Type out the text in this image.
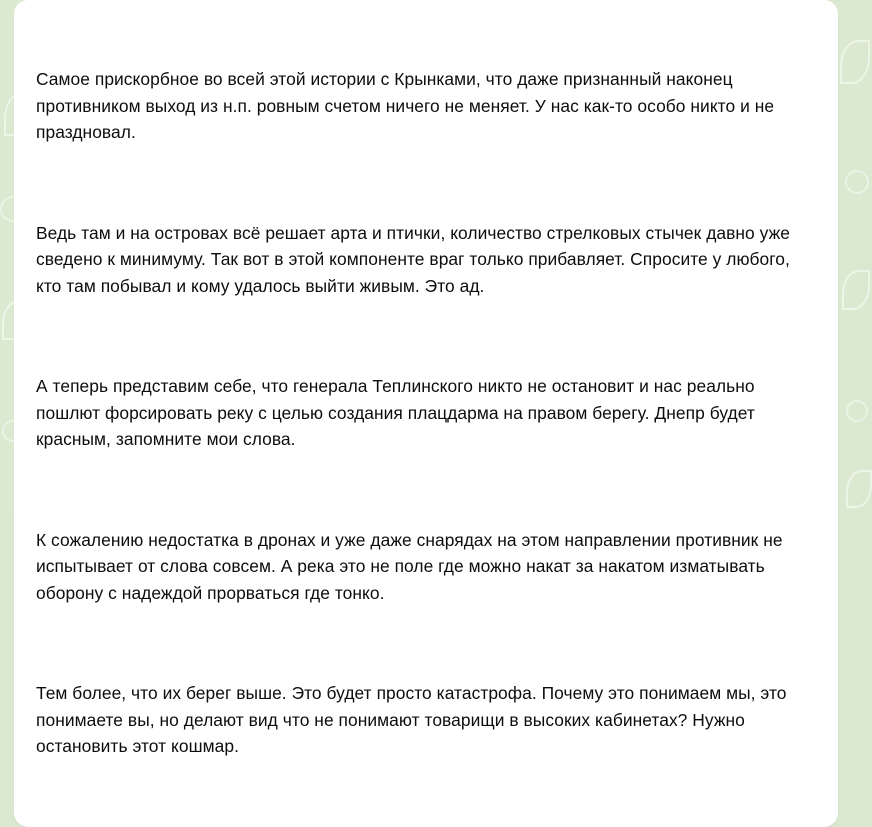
Самое прискорбное во всей этой истории с Крынками, что даже признанный наконец противником выход из н.п. ровным счетом ничего не меняет. У нас как-то особо никто и не праздновал.

Ведь там и на островах всё решает арта и птички, количество стрелковых стычек давно уже сведено к минимуму. Так вот в этой компоненте враг только прибавляет. Спросите у любого, кто там побывал и кому удалось выйти живым. Это ад.

А теперь представим себе, что генерала Теплинского никто не остановит и нас реально пошлют форсировать реку с целью создания плацдарма на правом берегу. Днепр будет красным, запомните мои слова.

К сожалению недостатка в дронах и уже даже снарядах на этом направлении противник не испытывает от слова совсем. А река это не поле где можно накат за накатом изматывать оборону с надеждой прорваться где тонко.

Тем более, что их берег выше. Это будет просто катастрофа. Почему это понимаем мы, это понимаете вы, но делают вид что не понимают товарищи в высоких кабинетах? Нужно остановить этот кошмар.
